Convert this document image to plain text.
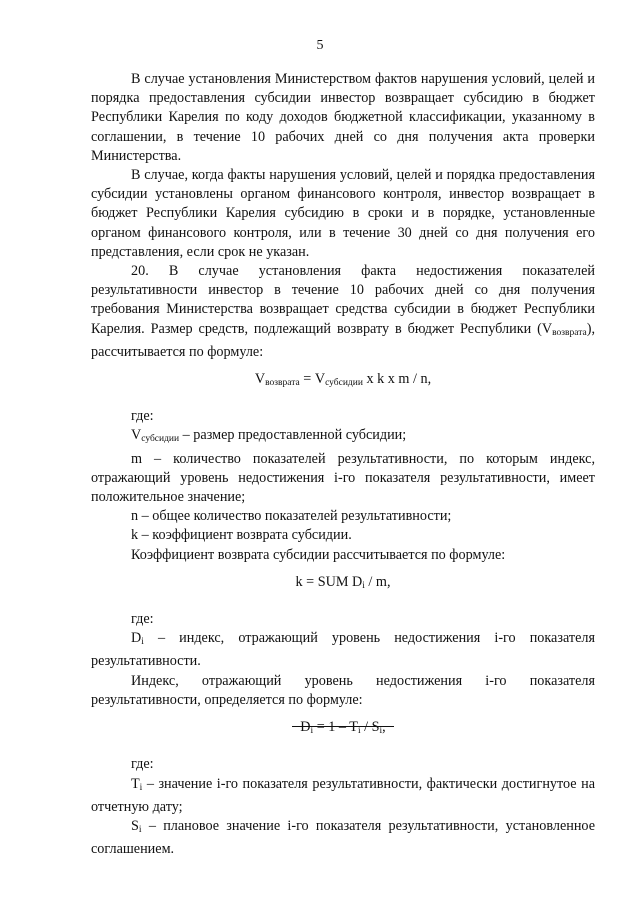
5

В случае установления Министерством фактов нарушения условий, целей и порядка предоставления субсидии инвестор возвращает субсидию в бюджет Республики Карелия по коду доходов бюджетной классификации, указанному в соглашении, в течение 10 рабочих дней со дня получения акта проверки Министерства.

В случае, когда факты нарушения условий, целей и порядка предоставления субсидии установлены органом финансового контроля, инвестор возвращает в бюджет Республики Карелия субсидию в сроки и в порядке, установленные органом финансового контроля, или в течение 30 дней со дня получения его представления, если срок не указан.

20. В случае установления факта недостижения показателей результативности инвестор в течение 10 рабочих дней со дня получения требования Министерства возвращает средства субсидии в бюджет Республики Карелия. Размер средств, подлежащий возврату в бюджет Республики $(V_{возврата})$, рассчитывается по формуле:

$V_{возврата} = V_{субсидии}$ x k x m / n,

где:

$V_{субсидии}$ – размер предоставленной субсидии;

m – количество показателей результативности, по которым индекс, отражающий уровень недостижения i-го показателя результативности, имеет положительное значение;

n – общее количество показателей результативности;

k – коэффициент возврата субсидии.

Коэффициент возврата субсидии рассчитывается по формуле:

k = SUM $D_i$ / m,

где:

$D_i$ – индекс, отражающий уровень недостижения i-го показателя результативности.

Индекс, отражающий уровень недостижения i-го показателя результативности, определяется по формуле:

$D_i = 1 - T_i / S_i$,

где:

$T_i$ – значение i-го показателя результативности, фактически достигнутое на отчетную дату;

$S_i$ – плановое значение i-го показателя результативности, установленное соглашением.
